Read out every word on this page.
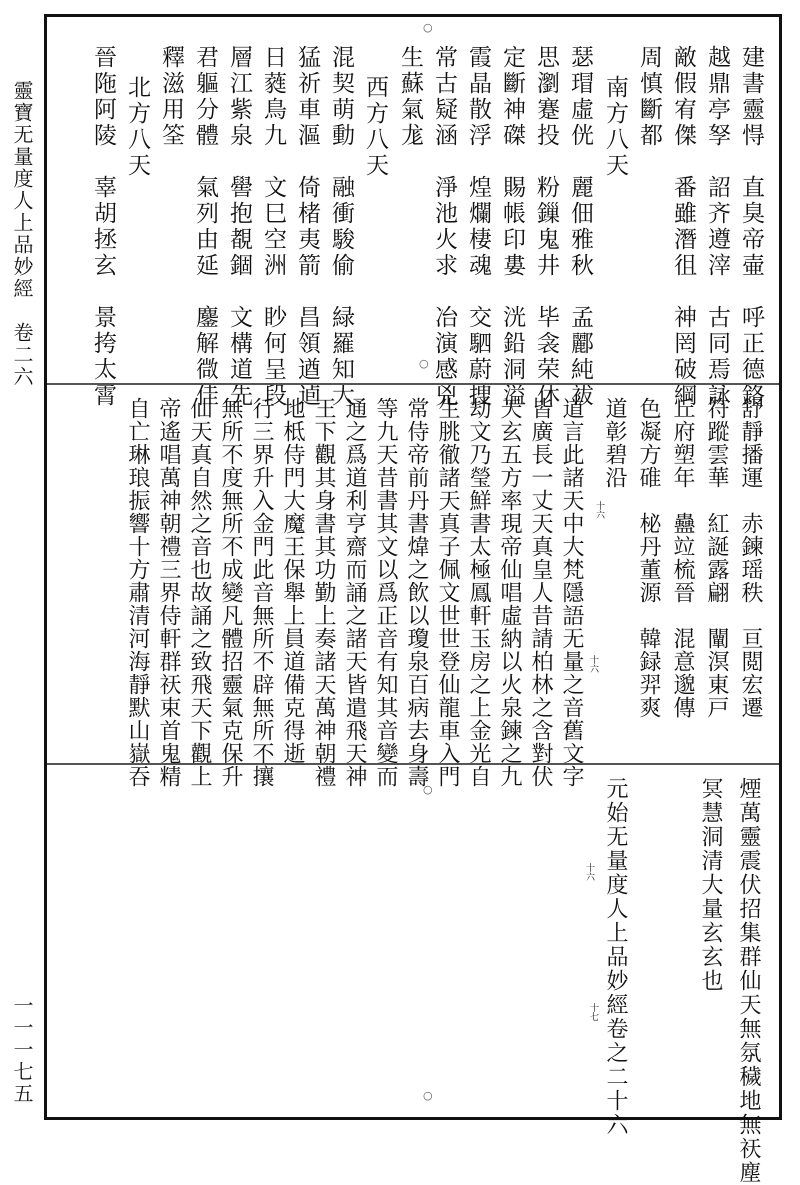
靈寶无量度人上品妙經　卷二六
一一一七五
建書靈㥂　直臭帝壷　呼正德鉻
越鼎亭孥　詔齐遵滓　古同焉詠
敵假宥傑　番雖潛徂　神罔破綱
周慎斷都
南方八天
瑟瑁虛侊　麗佃雅秋　孟酈純袚
思瀏蹇投　粉鏁鬼井　毕衾荣休
定斷神磔　賜帳印婁　洸鉛洞溢
霞晶散浮　煌爛棲魂　交駟蔚捜
常古疑涵　淨池火求　冶演感兇
生蘇氣尨
西方八天
混契萌動　融衝駿偷　緑羅知大
猛祈車漚　倚楮夷箭　昌領遒逌
日蕤鳥九　文巳空洲　眇何呈段
層江紫泉　嚳抱覩錮　文構道先
君軀分體　氣列由延　鏖解㣲佳
釋滋用筌
北方八天
晉陁阿陵　辜胡拯玄　景挎太霄
○
○
舒靜播運　赤鍊瑶秩　亘閲宏遷
符蹤雲華　紅誕露翩　闡溟東戸
丘府塑年　蠱竝梳晉　混意邈傳
色凝方碓　柲丹董源　韓録羿爽
道彰碧沿
道言此諸天中大梵隱語无量之音舊文字
皆廣長一丈天真皇人昔請柏林之含對伏
天玄五方率現帝仙唱虛納以火泉鍊之九
劫文乃瑩鮮書太極鳳軒玉房之上金光自
生朓徹諸天真子佩文世世登仙龍車入門
常侍帝前丹書煒之飲以瓊泉百病去身壽
等九天昔書其文以爲正音有知其音變而
通之爲道利亨齋而誦之諸天皆遣飛天神
王下觀其身書其功勤上奏諸天萬神朝禮
地柢侍門大魔王保舉上員道備克得逝
行三界升入金門此音無所不辟無所不攘
無所不度無所不成變凡體招靈氣克保升
仙天真自然之音也故誦之致飛天下觀上
帝遙唱萬神朝禮三界侍軒群祆束首鬼精
自亡琳琅振響十方肅清河海靜默山嶽吞	十六
十六
煙萬靈震伏招集群仙天無氛穢地無祆塵
冥慧洞清大量玄玄也
元始无量度人上品妙經卷之二十六
十六
十七
○
○
